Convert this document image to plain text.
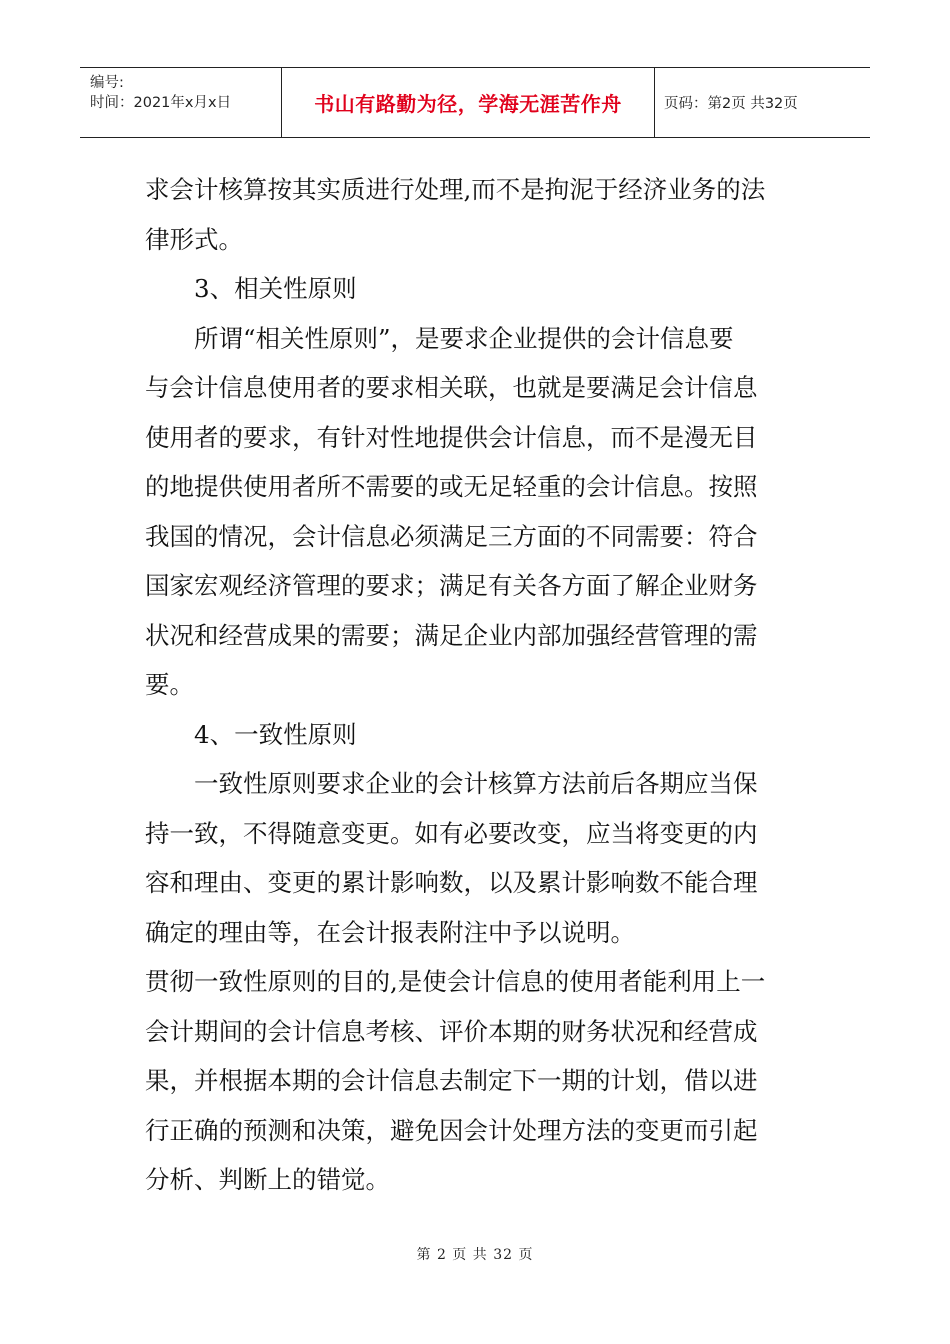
编号:
时间：2021年x月x日	书山有路勤为径，学海无涯苦作舟	页码：第2页 共32页
求会计核算按其实质进行处理,而不是拘泥于经济业务的法
律形式。
3、相关性原则
所谓“相关性原则”，是要求企业提供的会计信息要
与会计信息使用者的要求相关联，也就是要满足会计信息
使用者的要求，有针对性地提供会计信息，而不是漫无目
的地提供使用者所不需要的或无足轻重的会计信息。按照
我国的情况，会计信息必须满足三方面的不同需要：符合
国家宏观经济管理的要求；满足有关各方面了解企业财务
状况和经营成果的需要；满足企业内部加强经营管理的需
要。
4、一致性原则
一致性原则要求企业的会计核算方法前后各期应当保
持一致，不得随意变更。如有必要改变，应当将变更的内
容和理由、变更的累计影响数，以及累计影响数不能合理
确定的理由等，在会计报表附注中予以说明。
贯彻一致性原则的目的,是使会计信息的使用者能利用上一
会计期间的会计信息考核、评价本期的财务状况和经营成
果，并根据本期的会计信息去制定下一期的计划，借以进
行正确的预测和决策，避免因会计处理方法的变更而引起
分析、判断上的错觉。
第 2 页 共 32 页
